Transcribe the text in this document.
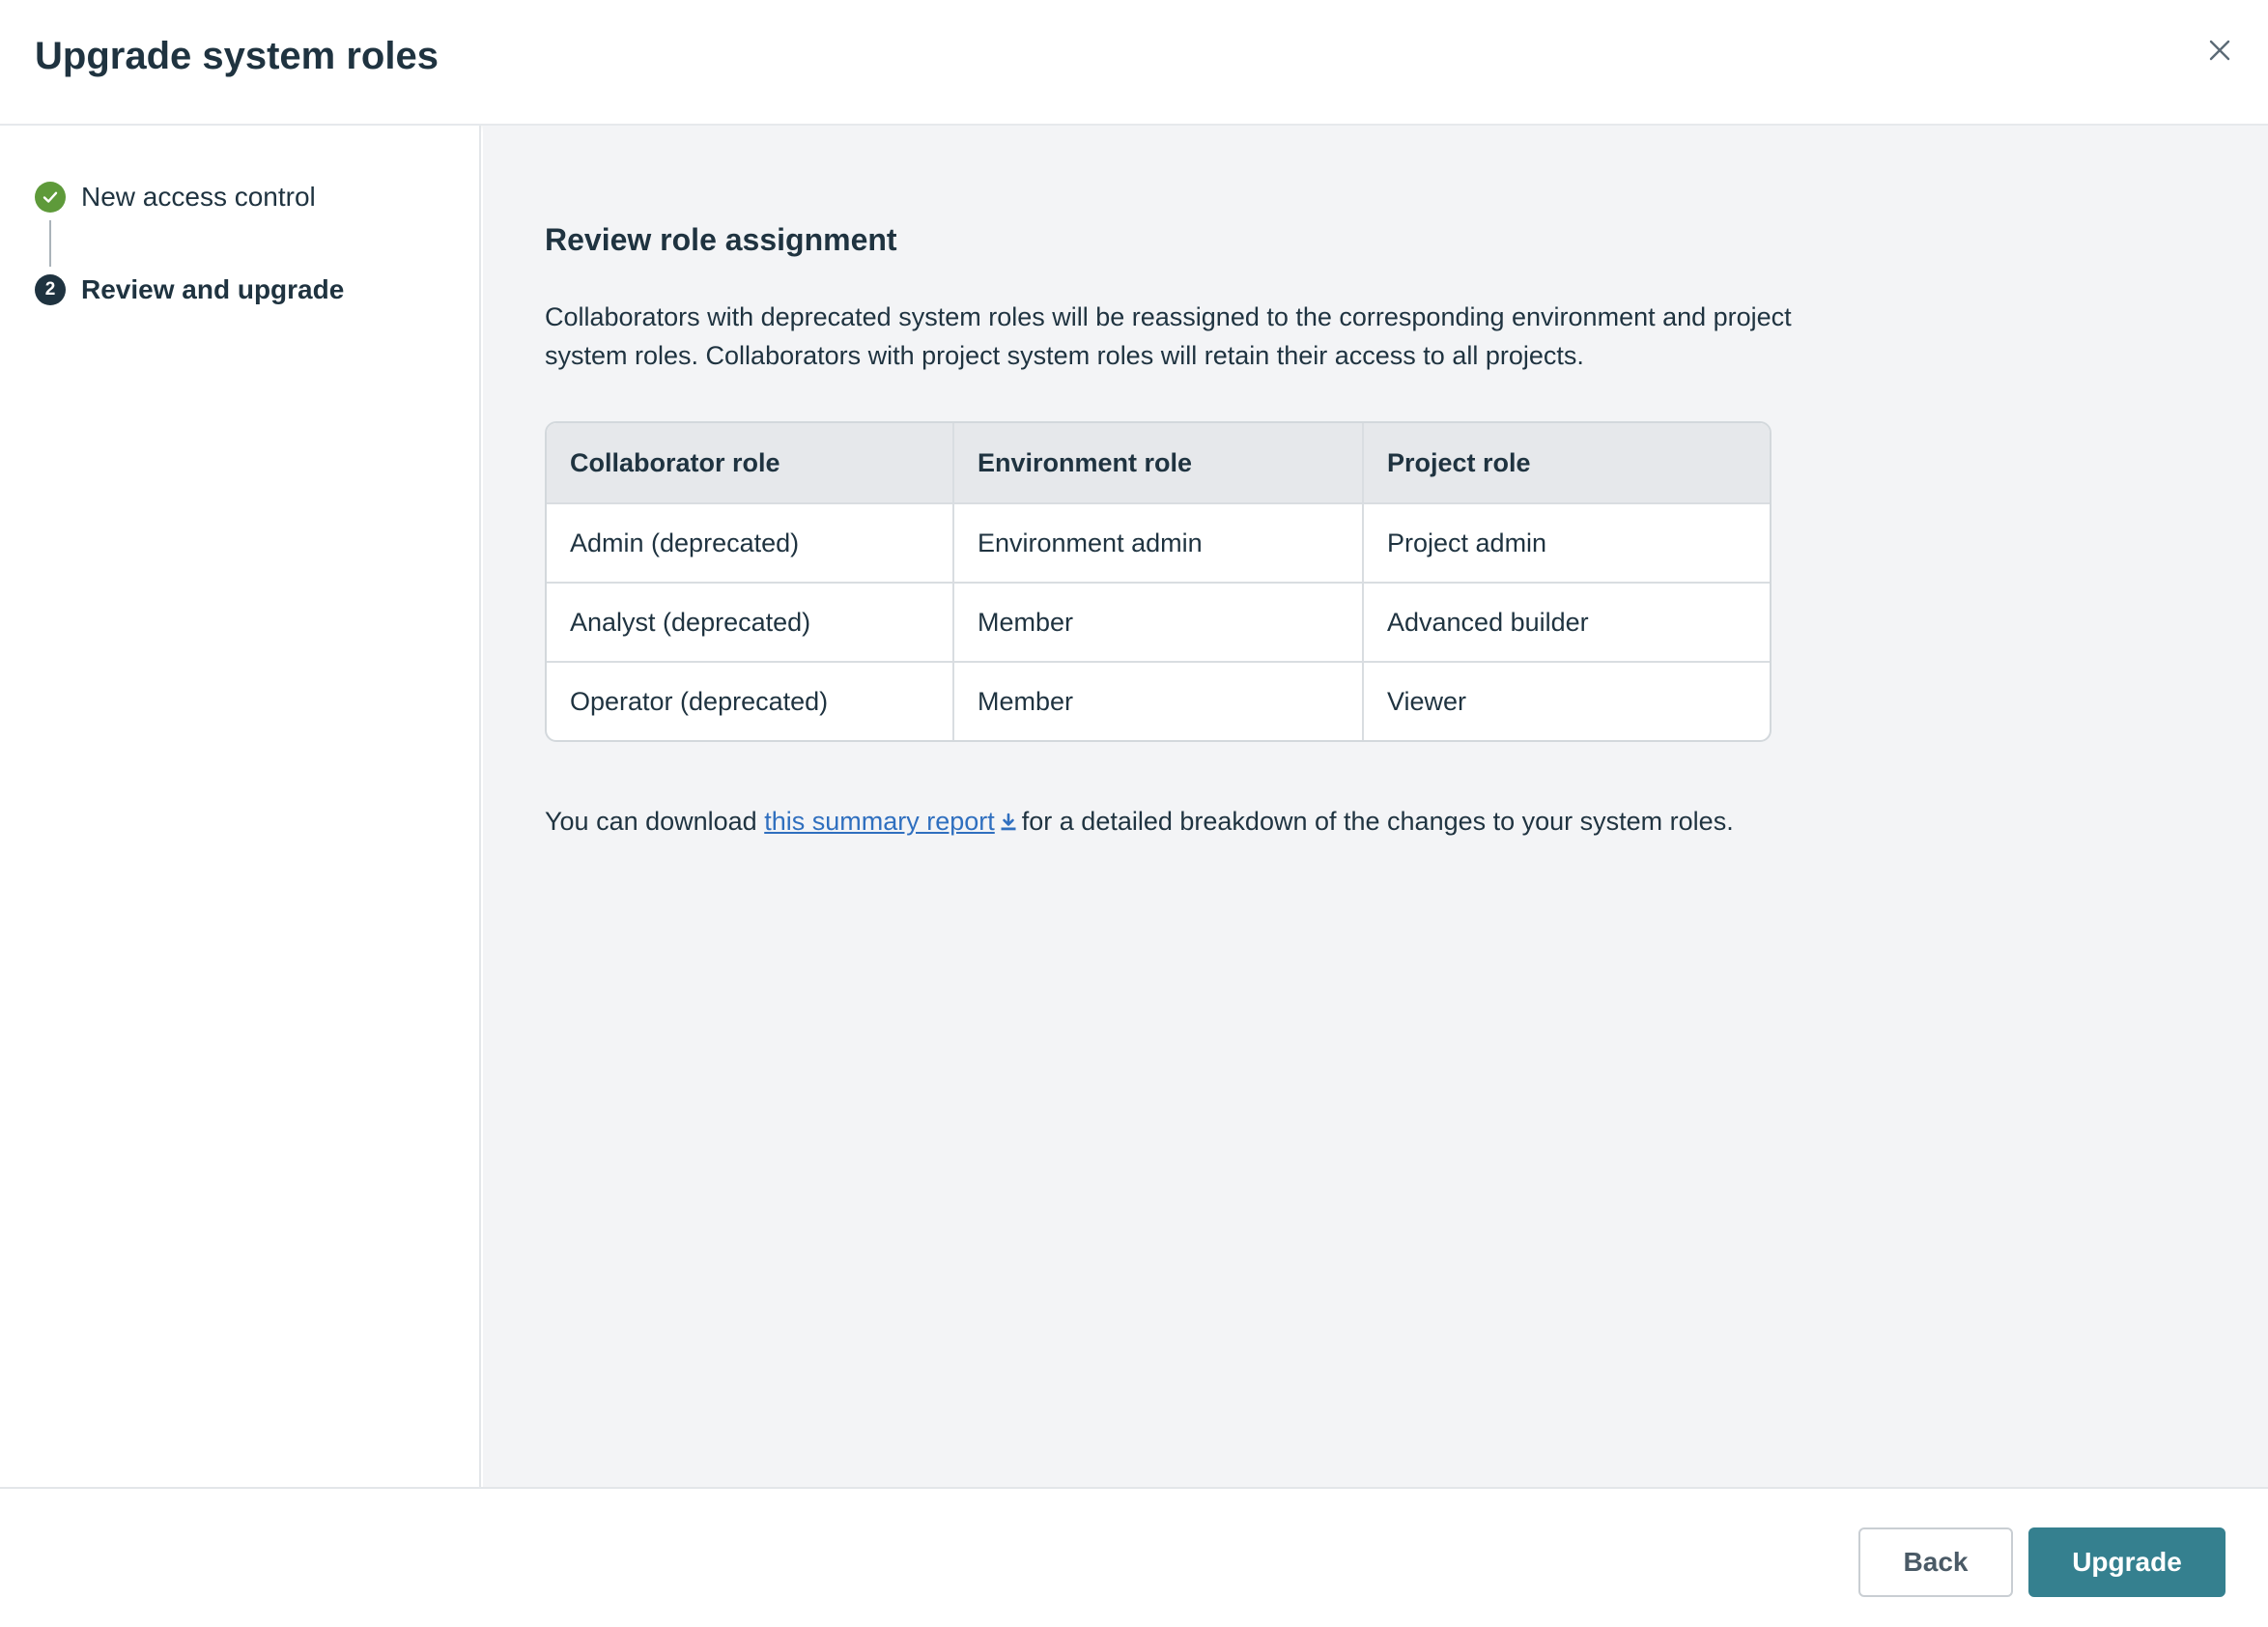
Upgrade system roles
New access control
2 Review and upgrade
Review role assignment

Collaborators with deprecated system roles will be reassigned to the corresponding environment and project system roles. Collaborators with project system roles will retain their access to all projects.

Collaborator role	Environment role	Project role
Admin (deprecated)	Environment admin	Project admin
Analyst (deprecated)	Member	Advanced builder
Operator (deprecated)	Member	Viewer

You can download this summary report for a detailed breakdown of the changes to your system roles.

Back	Upgrade
